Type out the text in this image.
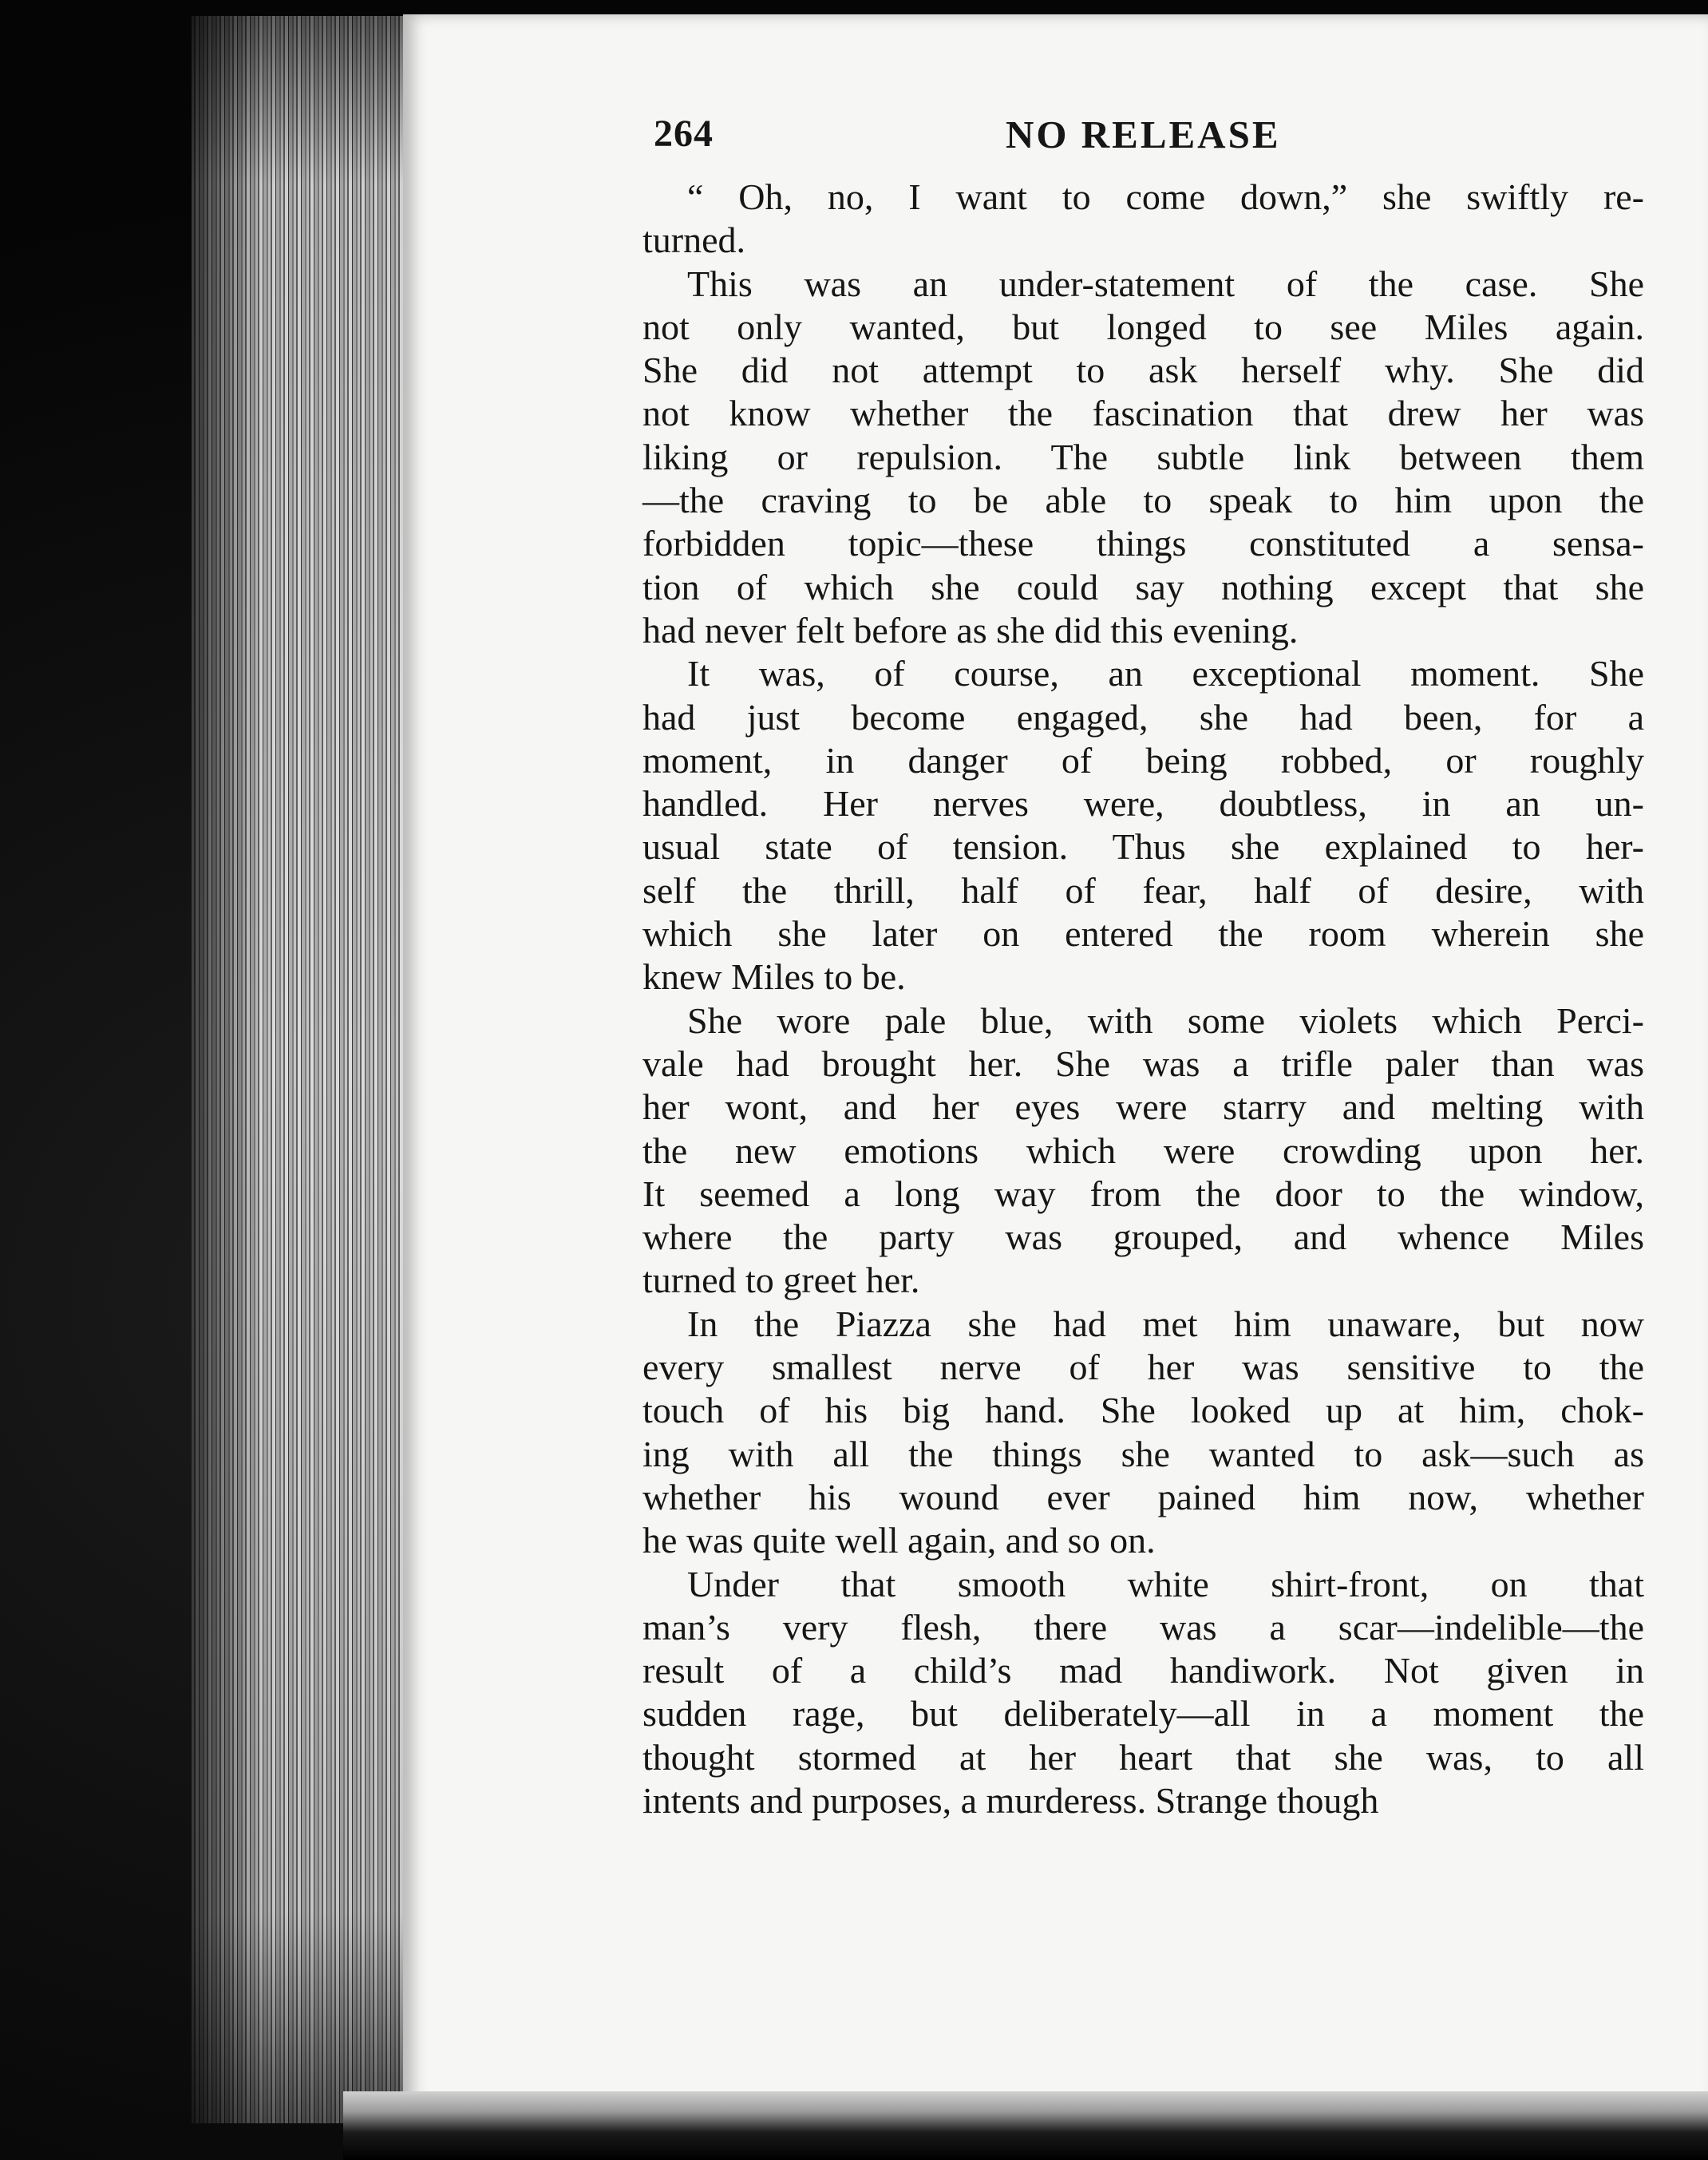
264	NO RELEASE
“ Oh, no, I want to come down,” she swiftly re-
turned.
This was an under-statement of the case. She
not only wanted, but longed to see Miles again.
She did not attempt to ask herself why. She did
not know whether the fascination that drew her was
liking or repulsion. The subtle link between them
—the craving to be able to speak to him upon the
forbidden topic—these things constituted a sensa-
tion of which she could say nothing except that she
had never felt before as she did this evening.
It was, of course, an exceptional moment. She
had just become engaged, she had been, for a
moment, in danger of being robbed, or roughly
handled. Her nerves were, doubtless, in an un-
usual state of tension. Thus she explained to her-
self the thrill, half of fear, half of desire, with
which she later on entered the room wherein she
knew Miles to be.
She wore pale blue, with some violets which Perci-
vale had brought her. She was a trifle paler than was
her wont, and her eyes were starry and melting with
the new emotions which were crowding upon her.
It seemed a long way from the door to the window,
where the party was grouped, and whence Miles
turned to greet her.
In the Piazza she had met him unaware, but now
every smallest nerve of her was sensitive to the
touch of his big hand. She looked up at him, chok-
ing with all the things she wanted to ask—such as
whether his wound ever pained him now, whether
he was quite well again, and so on.
Under that smooth white shirt-front, on that
man’s very flesh, there was a scar—indelible—the
result of a child’s mad handiwork. Not given in
sudden rage, but deliberately—all in a moment the
thought stormed at her heart that she was, to all
intents and purposes, a murderess. Strange though
